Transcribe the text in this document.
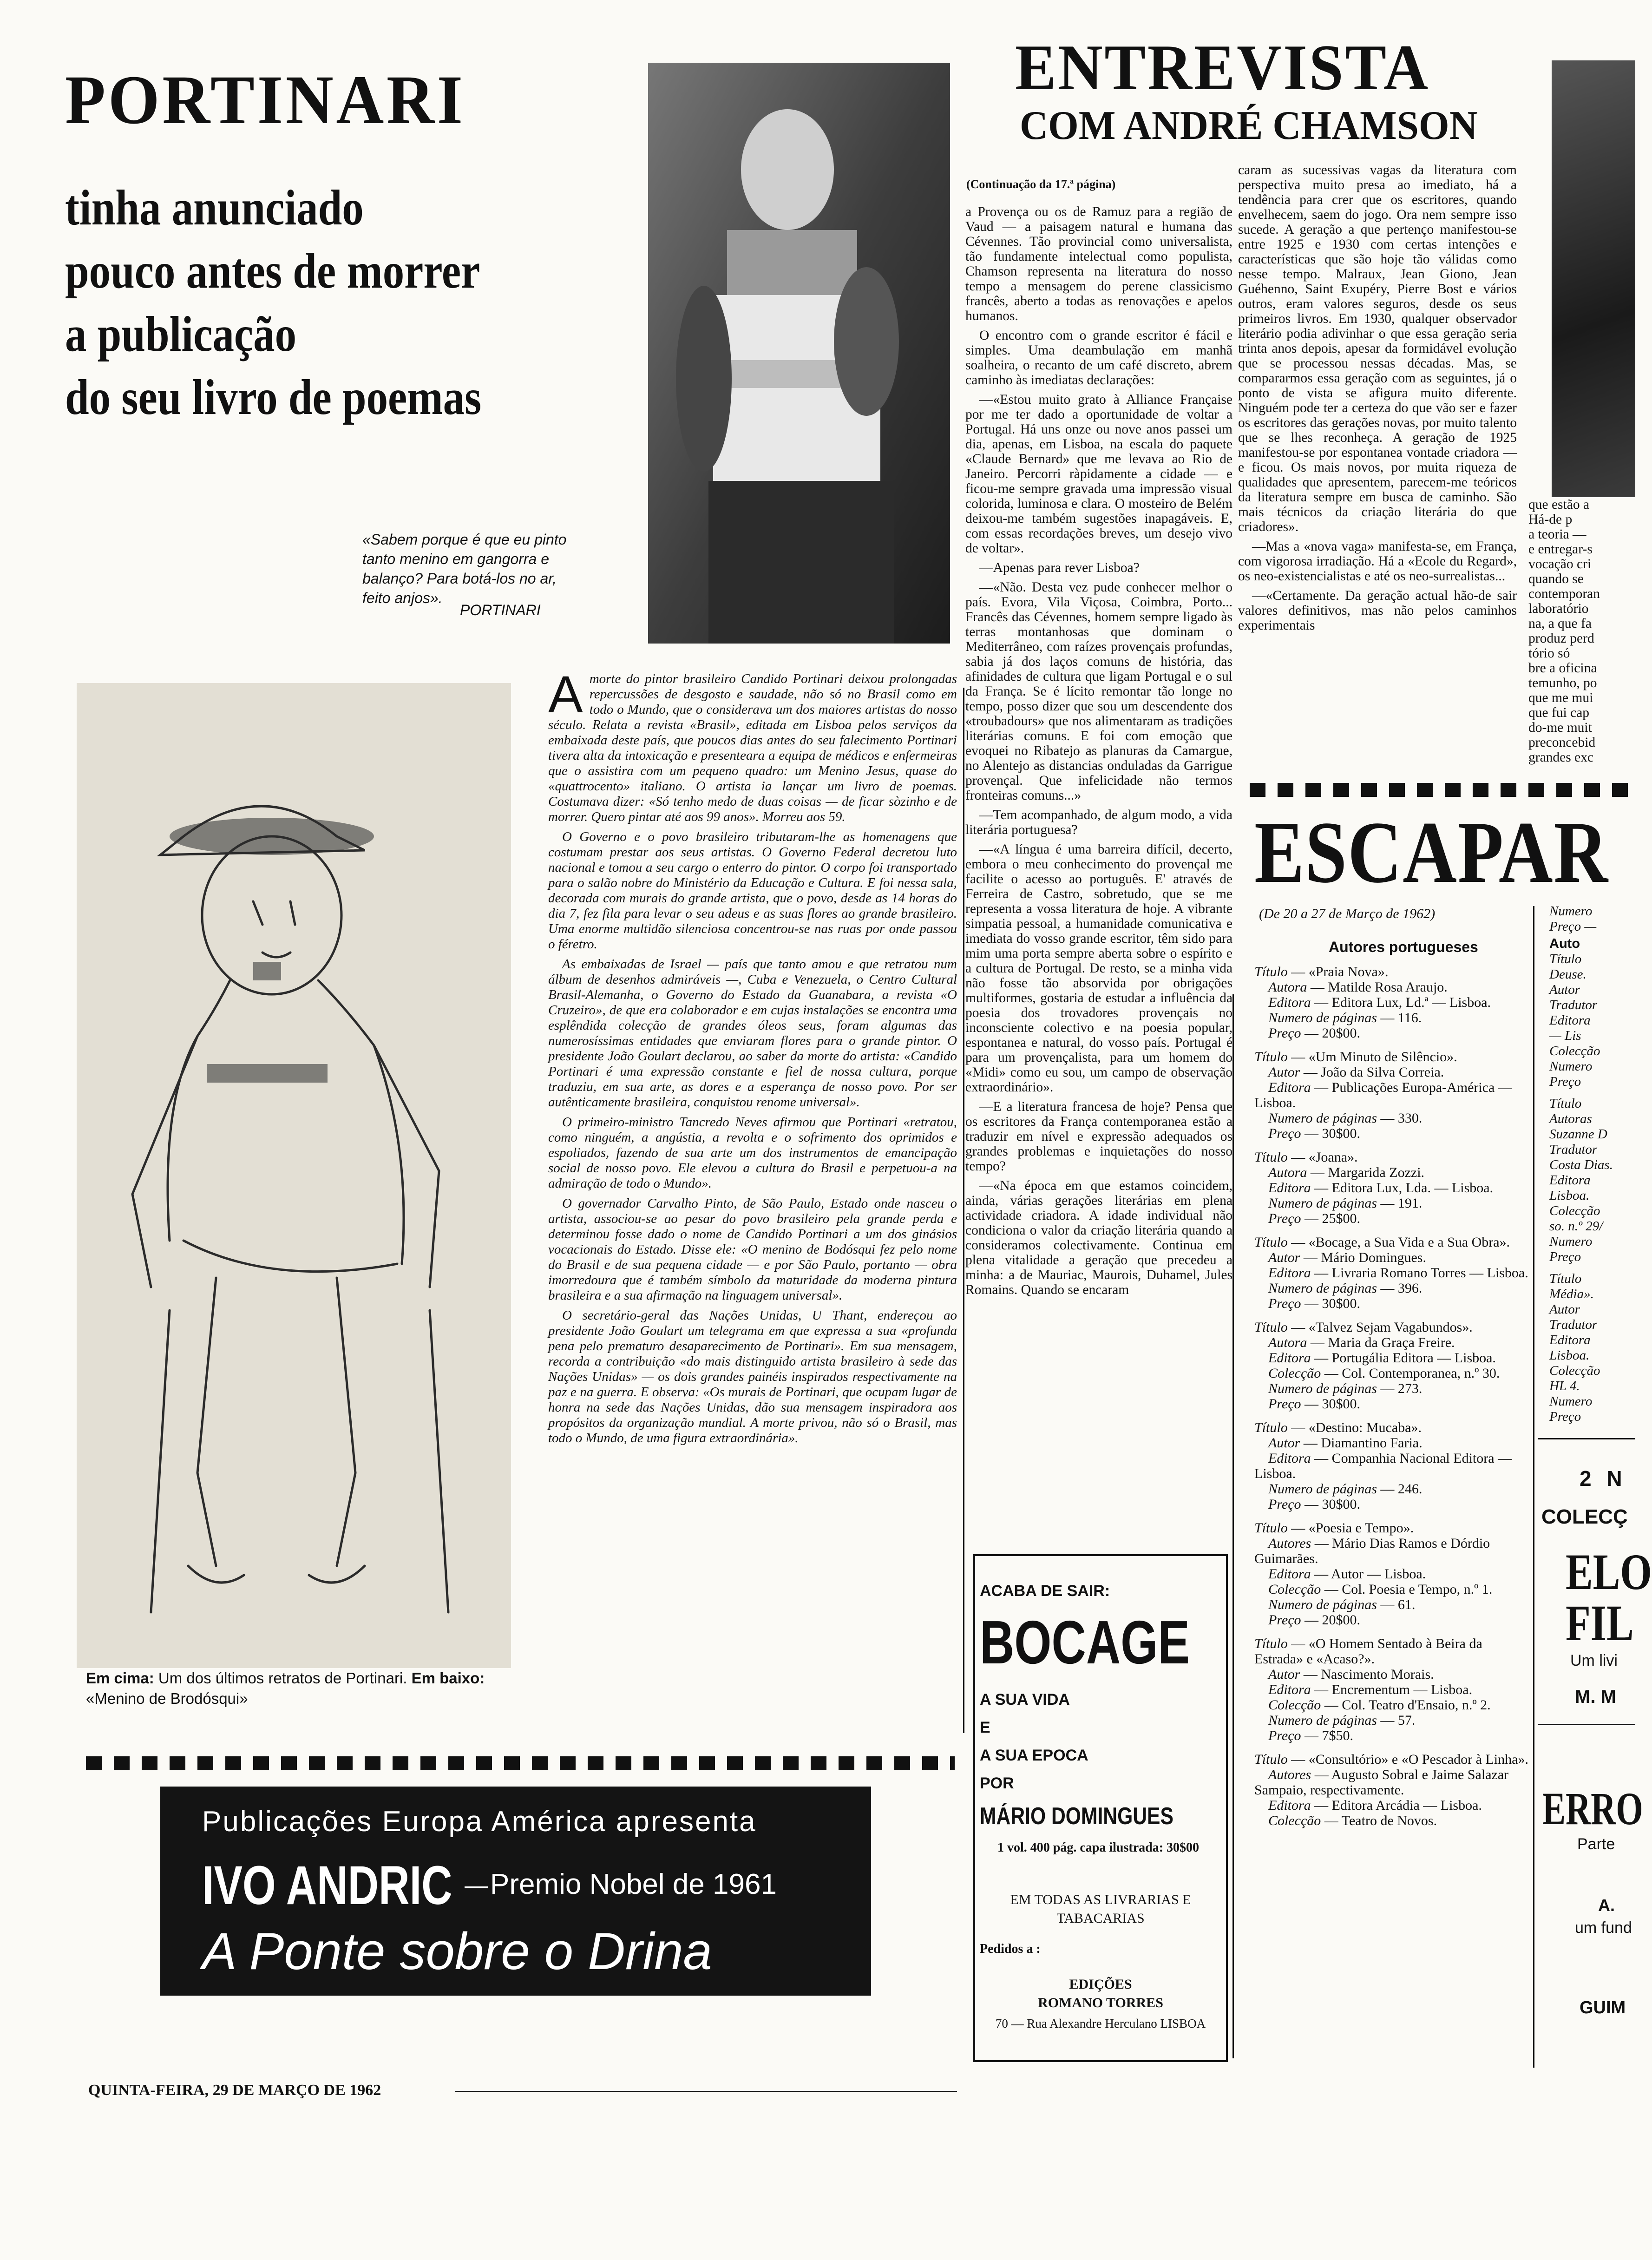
PORTINARI
tinha anunciado
pouco antes de morrer
a publicação
do seu livro de poemas
«Sabem porque é que eu pinto tanto menino em gangorra e balanço? Para botá-los no ar, feito anjos».
PORTINARI
Em cima: Um dos últimos retratos de Portinari. Em baixo: «Menino de Brodósqui»

Amorte do pintor brasileiro Candido Portinari deixou prolongadas repercussões de desgosto e saudade, não só no Brasil como em todo o Mundo, que o considerava um dos maiores artistas do nosso século. Relata a revista «Brasil», editada em Lisboa pelos serviços da embaixada deste país, que poucos dias antes do seu falecimento Portinari tivera alta da intoxicação e presenteara a equipa de médicos e enfermeiras que o assistira com um pequeno quadro: um Menino Jesus, quase do «quattrocento» italiano. O artista ia lançar um livro de poemas. Costumava dizer: «Só tenho medo de duas coisas — de ficar sòzinho e de morrer. Quero pintar até aos 99 anos». Morreu aos 59.

O Governo e o povo brasileiro tributaram-lhe as homenagens que costumam prestar aos seus artistas. O Governo Federal decretou luto nacional e tomou a seu cargo o enterro do pintor. O corpo foi transportado para o salão nobre do Ministério da Educação e Cultura. E foi nessa sala, decorada com murais do grande artista, que o povo, desde as 14 horas do dia 7, fez fila para levar o seu adeus e as suas flores ao grande brasileiro. Uma enorme multidão silenciosa concentrou-se nas ruas por onde passou o féretro.

As embaixadas de Israel — país que tanto amou e que retratou num álbum de desenhos admiráveis —, Cuba e Venezuela, o Centro Cultural Brasil-Alemanha, o Governo do Estado da Guanabara, a revista «O Cruzeiro», de que era colaborador e em cujas instalações se encontra uma esplêndida colecção de grandes óleos seus, foram algumas das numerosíssimas entidades que enviaram flores para o grande pintor. O presidente João Goulart declarou, ao saber da morte do artista: «Candido Portinari é uma expressão constante e fiel de nossa cultura, porque traduziu, em sua arte, as dores e a esperança de nosso povo. Por ser autênticamente brasileira, conquistou renome universal».

O primeiro-ministro Tancredo Neves afirmou que Portinari «retratou, como ninguém, a angústia, a revolta e o sofrimento dos oprimidos e espoliados, fazendo de sua arte um dos instrumentos de emancipação social de nosso povo. Ele elevou a cultura do Brasil e perpetuou-a na admiração de todo o Mundo».

O governador Carvalho Pinto, de São Paulo, Estado onde nasceu o artista, associou-se ao pesar do povo brasileiro pela grande perda e determinou fosse dado o nome de Candido Portinari a um dos ginásios vocacionais do Estado. Disse ele: «O menino de Bodósqui fez pelo nome do Brasil e de sua pequena cidade — e por São Paulo, portanto — obra imorredoura que é também símbolo da maturidade da moderna pintura brasileira e a sua afirmação na linguagem universal».

O secretário-geral das Nações Unidas, U Thant, endereçou ao presidente João Goulart um telegrama em que expressa a sua «profunda pena pelo prematuro desaparecimento de Portinari». Em sua mensagem, recorda a contribuição «do mais distinguido artista brasileiro à sede das Nações Unidas» — os dois grandes painéis inspirados respectivamente na paz e na guerra. E observa: «Os murais de Portinari, que ocupam lugar de honra na sede das Nações Unidas, dão sua mensagem inspiradora aos propósitos da organização mundial. A morte privou, não só o Brasil, mas todo o Mundo, de uma figura extraordinária».

Publicações Europa América apresenta
IVO ANDRIC Premio Nobel de 1961
A Ponte sobre o Drina
QUINTA-FEIRA, 29 DE MARÇO DE 1962
ENTREVISTA
COM ANDRÉ CHAMSON
(Continuação da 17.ª página)

a Provença ou os de Ramuz para a região de Vaud — a paisagem natural e humana das Cévennes. Tão provincial como universalista, tão fundamente intelectual como populista, Chamson representa na literatura do nosso tempo a mensagem do perene classicismo francês, aberto a todas as renovações e apelos humanos.

O encontro com o grande escritor é fácil e simples. Uma deambulação em manhã soalheira, o recanto de um café discreto, abrem caminho às imediatas declarações:

—«Estou muito grato à Alliance Française por me ter dado a oportunidade de voltar a Portugal. Há uns onze ou nove anos passei um dia, apenas, em Lisboa, na escala do paquete «Claude Bernard» que me levava ao Rio de Janeiro. Percorri ràpidamente a cidade — e ficou-me sempre gravada uma impressão visual colorida, luminosa e clara. O mosteiro de Belém deixou-me também sugestões inapagáveis. E, com essas recordações breves, um desejo vivo de voltar».

—Apenas para rever Lisboa?

—«Não. Desta vez pude conhecer melhor o país. Evora, Vila Viçosa, Coimbra, Porto... Francês das Cévennes, homem sempre ligado às terras montanhosas que dominam o Mediterrâneo, com raízes provençais profundas, sabia já dos laços comuns de história, das afinidades de cultura que ligam Portugal e o sul da França. Se é lícito remontar tão longe no tempo, posso dizer que sou um descendente dos «troubadours» que nos alimentaram as tradições literárias comuns. E foi com emoção que evoquei no Ribatejo as planuras da Camargue, no Alentejo as distancias onduladas da Garrigue provençal. Que infelicidade não termos fronteiras comuns...»

—Tem acompanhado, de algum modo, a vida literária portuguesa?

—«A língua é uma barreira difícil, decerto, embora o meu conhecimento do provençal me facilite o acesso ao português. E' através de Ferreira de Castro, sobretudo, que se me representa a vossa literatura de hoje. A vibrante simpatia pessoal, a humanidade comunicativa e imediata do vosso grande escritor, têm sido para mim uma porta sempre aberta sobre o espírito e a cultura de Portugal. De resto, se a minha vida não fosse tão absorvida por obrigações multiformes, gostaria de estudar a influência da poesia dos trovadores provençais no inconsciente colectivo e na poesia popular, espontanea e natural, do vosso país. Portugal é para um provençalista, para um homem do «Midi» como eu sou, um campo de observação extraordinário».

—E a literatura francesa de hoje? Pensa que os escritores da França contemporanea estão a traduzir em nível e expressão adequados os grandes problemas e inquietações do nosso tempo?

—«Na época em que estamos coincidem, ainda, várias gerações literárias em plena actividade criadora. A idade individual não condiciona o valor da criação literária quando a consideramos colectivamente. Continua em plena vitalidade a geração que precedeu a minha: a de Mauriac, Maurois, Duhamel, Jules Romains. Quando se encaram

caram as sucessivas vagas da literatura com perspectiva muito presa ao imediato, há a tendência para crer que os escritores, quando envelhecem, saem do jogo. Ora nem sempre isso sucede. A geração a que pertenço manifestou-se entre 1925 e 1930 com certas intenções e características que são hoje tão válidas como nesse tempo. Malraux, Jean Giono, Jean Guéhenno, Saint Exupéry, Pierre Bost e vários outros, eram valores seguros, desde os seus primeiros livros. Em 1930, qualquer observador literário podia adivinhar o que essa geração seria trinta anos depois, apesar da formidável evolução que se processou nessas décadas. Mas, se compararmos essa geração com as seguintes, já o ponto de vista se afigura muito diferente. Ninguém pode ter a certeza do que vão ser e fazer os escritores das gerações novas, por muito talento que se lhes reconheça. A geração de 1925 manifestou-se por espontanea vontade criadora — e ficou. Os mais novos, por muita riqueza de qualidades que apresentem, parecem-me teóricos da literatura sempre em busca de caminho. São mais técnicos da criação literária do que criadores».

—Mas a «nova vaga» manifesta-se, em França, com vigorosa irradiação. Há a «Ecole du Regard», os neo-existencialistas e até os neo-surrealistas...

—«Certamente. Da geração actual hão-de sair valores definitivos, mas não pelos caminhos experimentais

que estão a
Há-de p
a teoria —
e entregar-s
vocação cri
quando se
contemporan
laboratório
na, a que fa
produz perd
tório só
bre a oficina
temunho, po
que me mui
que fui cap
do-me muit
preconcebid
grandes exc
ESCAPAR
(De 20 a 27 de Março de 1962)
Autores portugueses
Título — «Praia Nova».
Autora — Matilde Rosa Araujo.
Editora — Editora Lux, Ld.ª — Lisboa.
Numero de páginas — 116.
Preço — 20$00.
Título — «Um Minuto de Silêncio».
Autor — João da Silva Correia.
Editora — Publicações Europa-América — Lisboa.
Numero de páginas — 330.
Preço — 30$00.
Título — «Joana».
Autora — Margarida Zozzi.
Editora — Editora Lux, Lda. — Lisboa.
Numero de páginas — 191.
Preço — 25$00.
Título — «Bocage, a Sua Vida e a Sua Obra».
Autor — Mário Domingues.
Editora — Livraria Romano Torres — Lisboa.
Numero de páginas — 396.
Preço — 30$00.
Título — «Talvez Sejam Vagabundos».
Autora — Maria da Graça Freire.
Editora — Portugália Editora — Lisboa.
Colecção — Col. Contemporanea, n.º 30.
Numero de páginas — 273.
Preço — 30$00.
Título — «Destino: Mucaba».
Autor — Diamantino Faria.
Editora — Companhia Nacional Editora — Lisboa.
Numero de páginas — 246.
Preço — 30$00.
Título — «Poesia e Tempo».
Autores — Mário Dias Ramos e Dórdio Guimarães.
Editora — Autor — Lisboa.
Colecção — Col. Poesia e Tempo, n.º 1.
Numero de páginas — 61.
Preço — 20$00.
Título — «O Homem Sentado à Beira da Estrada» e «Acaso?».
Autor — Nascimento Morais.
Editora — Encrementum — Lisboa.
Colecção — Col. Teatro d'Ensaio, n.º 2.
Numero de páginas — 57.
Preço — 7$50.
Título — «Consultório» e «O Pescador à Linha».
Autores — Augusto Sobral e Jaime Salazar Sampaio, respectivamente.
Editora — Editora Arcádia — Lisboa.
Colecção — Teatro de Novos.
Numero
Preço —
Auto
Título
Deuse.
Autor
Tradutor
Editora
— Lis
Colecção
Numero
Preço
Título
Autoras
Suzanne D
Tradutor
Costa Dias.
Editora
Lisboa.
Colecção
so. n.º 29/
Numero
Preço
Título
Média».
Autor
Tradutor
Editora
Lisboa.
Colecção
HL 4.
Numero
Preço
2 N
COLECÇ
ELO
FIL
Um livi
M. M
ERRO
Parte
A.
um fund
GUIM
ACABA DE SAIR:
BOCAGE
A SUA VIDA
E
A SUA EPOCA
POR
MÁRIO DOMINGUES
1 vol. 400 pág. capa ilustrada: 30$00
EM TODAS AS LIVRARIAS E TABACARIAS
Pedidos a :
EDIÇÕES
ROMANO TORRES
70 — Rua Alexandre Herculano LISBOA
